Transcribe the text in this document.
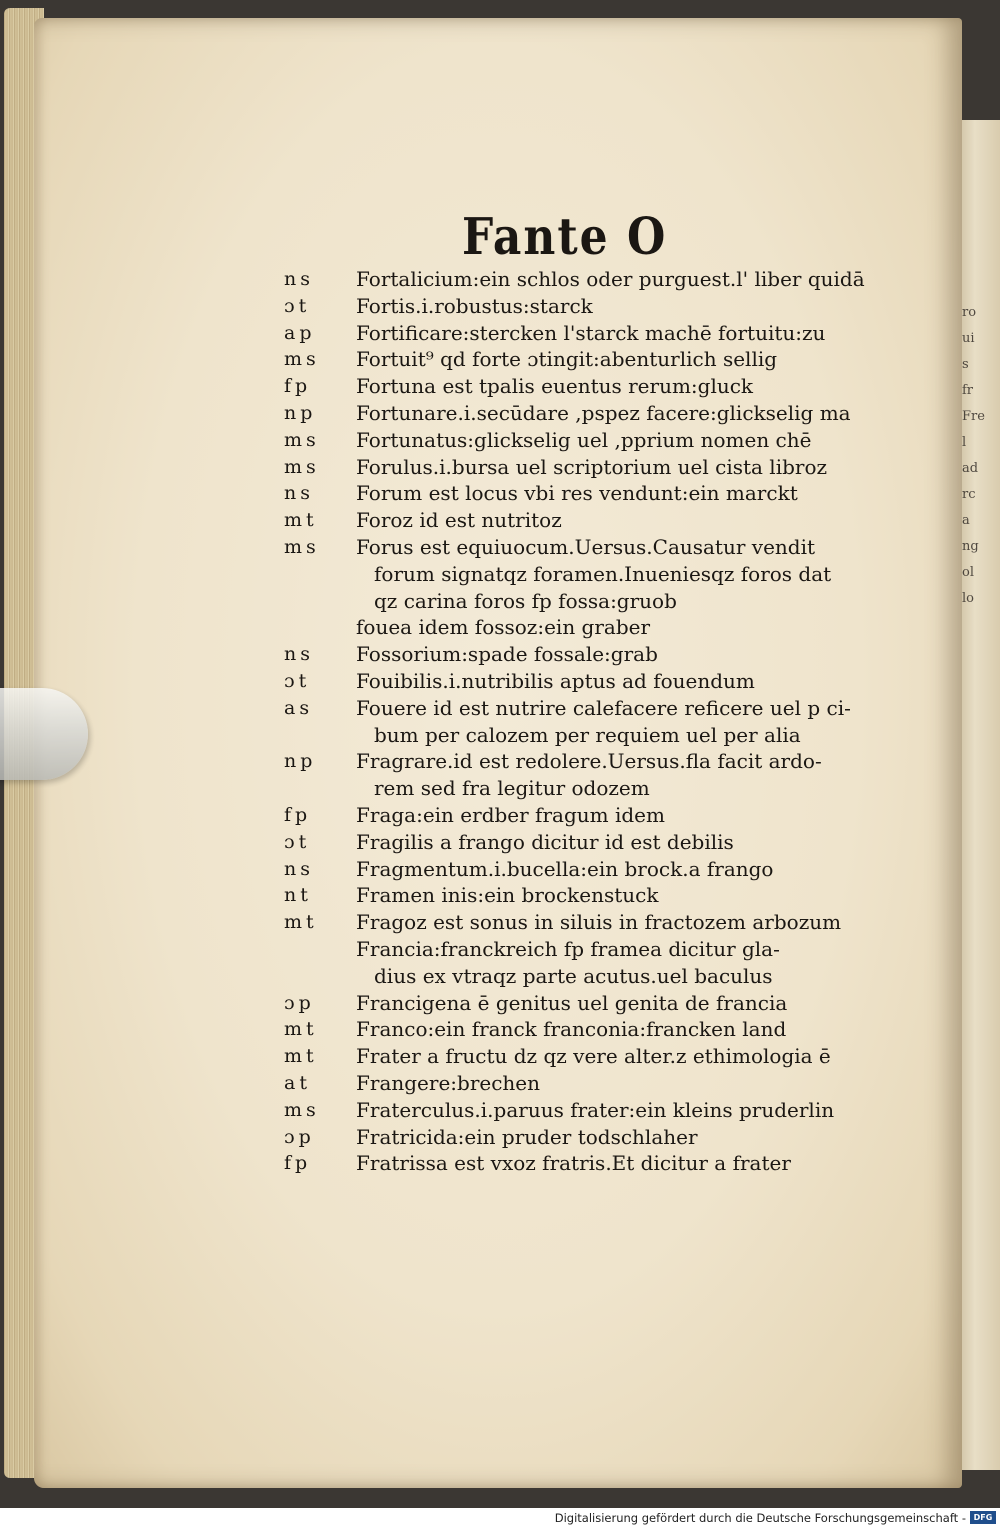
ro
ui
s
fr
Fre
l
ad
rc
a
ng
ol
lo
Fante O
ns	Fortalicium:ein schlos oder purguest.l' liber quidā
ɔt	Fortis.i.robustus:starck
ap	Fortificare:stercken l'starck machē fortuitu:zu
ms	Fortuit⁹ qd forte ɔtingit:abenturlich sellig
fp	Fortuna est tpalis euentus rerum:gluck
np	Fortunare.i.secūdare ,pspez facere:glickselig ma
ms	Fortunatus:glickselig uel ,pprium nomen chē
ms	Forulus.i.bursa uel scriptorium uel cista libroz
ns	Forum est locus vbi res vendunt:ein marckt
mt	Foroz id est nutritoz
ms	Forus est equiuocum.Uersus.Causatur vendit
forum signatqz foramen.Inueniesqz foros dat
qz carina foros fp fossa:gruob
fouea idem fossoz:ein graber
ns	Fossorium:spade fossale:grab
ɔt	Fouibilis.i.nutribilis aptus ad fouendum
as	Fouere id est nutrire calefacere reficere uel p ci-
bum per calozem per requiem uel per alia
np	Fragrare.id est redolere.Uersus.fla facit ardo-
rem sed fra legitur odozem
fp	Fraga:ein erdber fragum idem
ɔt	Fragilis a frango dicitur id est debilis
ns	Fragmentum.i.bucella:ein brock.a frango
nt	Framen inis:ein brockenstuck
mt	Fragoz est sonus in siluis in fractozem arbozum
Francia:franckreich fp framea dicitur gla-
dius ex vtraqz parte acutus.uel baculus
ɔp	Francigena ē genitus uel genita de francia
mt	Franco:ein franck franconia:francken land
mt	Frater a fructu dz qz vere alter.z ethimologia ē
at	Frangere:brechen
ms	Fraterculus.i.paruus frater:ein kleins pruderlin
ɔp	Fratricida:ein pruder todschlaher
fp	Fratrissa est vxoz fratris.Et dicitur a frater
Digitalisierung gefördert durch die Deutsche Forschungsgemeinschaft - DFG
